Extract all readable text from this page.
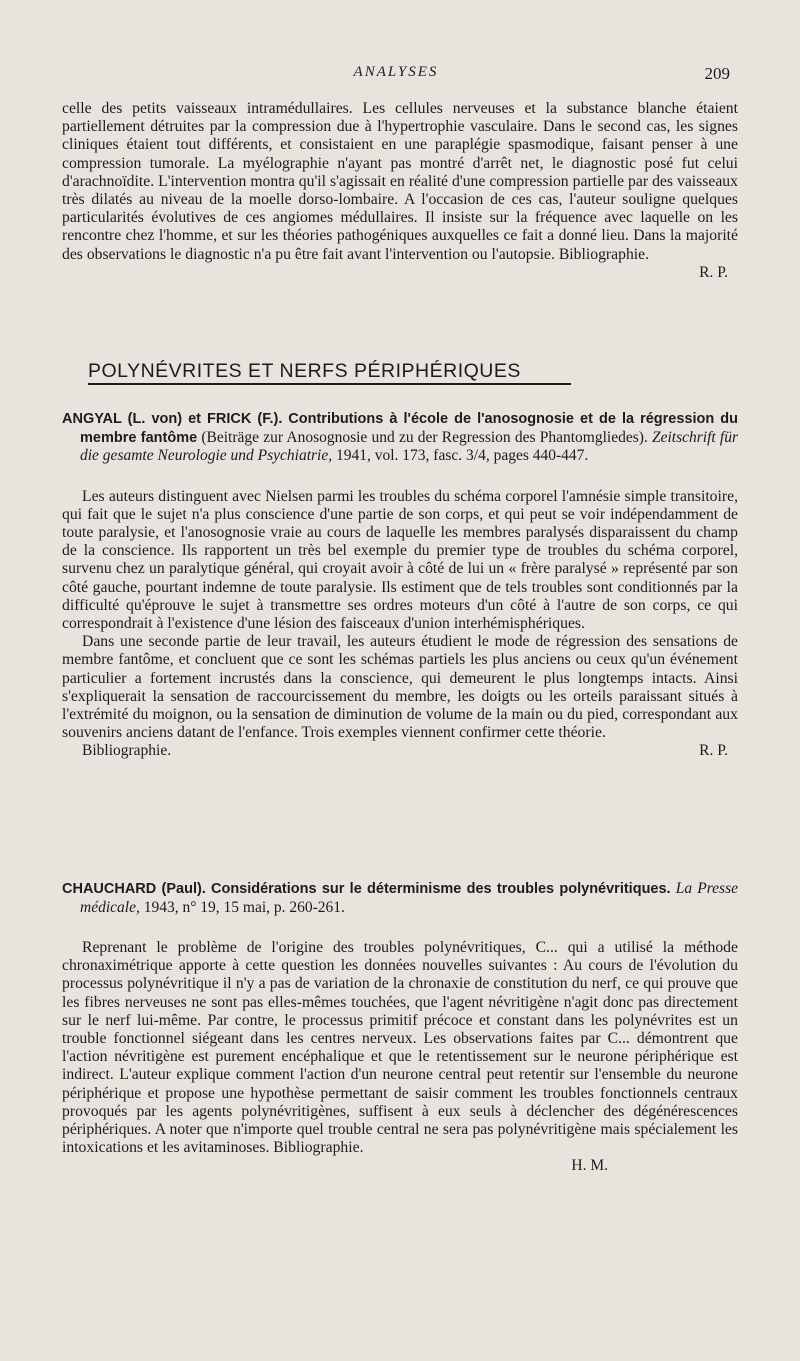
ANALYSES	209

celle des petits vaisseaux intramédullaires. Les cellules nerveuses et la substance blanche étaient partiellement détruites par la compression due à l'hypertrophie vasculaire. Dans le second cas, les signes cliniques étaient tout différents, et consistaient en une paraplégie spasmodique, faisant penser à une compression tumorale. La myélographie n'ayant pas montré d'arrêt net, le diagnostic posé fut celui d'arachnoïdite. L'intervention montra qu'il s'agissait en réalité d'une compression partielle par des vaisseaux très dilatés au niveau de la moelle dorso-lombaire. A l'occasion de ces cas, l'auteur souligne quelques particularités évolutives de ces angiomes médullaires. Il insiste sur la fréquence avec laquelle on les rencontre chez l'homme, et sur les théories pathogéniques auxquelles ce fait a donné lieu. Dans la majorité des observations le diagnostic n'a pu être fait avant l'intervention ou l'autopsie. Bibliographie.

R. P.

POLYNÉVRITES ET NERFS PÉRIPHÉRIQUES

ANGYAL (L. von) et FRICK (F.). Contributions à l'école de l'anosognosie et de la régression du membre fantôme (Beiträge zur Anosognosie und zu der Regression des Phantomgliedes). Zeitschrift für die gesamte Neurologie und Psychiatrie, 1941, vol. 173, fasc. 3/4, pages 440-447.

Les auteurs distinguent avec Nielsen parmi les troubles du schéma corporel l'amnésie simple transitoire, qui fait que le sujet n'a plus conscience d'une partie de son corps, et qui peut se voir indépendamment de toute paralysie, et l'anosognosie vraie au cours de laquelle les membres paralysés disparaissent du champ de la conscience. Ils rapportent un très bel exemple du premier type de troubles du schéma corporel, survenu chez un paralytique général, qui croyait avoir à côté de lui un « frère paralysé » représenté par son côté gauche, pourtant indemne de toute paralysie. Ils estiment que de tels troubles sont conditionnés par la difficulté qu'éprouve le sujet à transmettre ses ordres moteurs d'un côté à l'autre de son corps, ce qui correspondrait à l'existence d'une lésion des faisceaux d'union interhémisphériques.

Dans une seconde partie de leur travail, les auteurs étudient le mode de régression des sensations de membre fantôme, et concluent que ce sont les schémas partiels les plus anciens ou ceux qu'un événement particulier a fortement incrustés dans la conscience, qui demeurent le plus longtemps intacts. Ainsi s'expliquerait la sensation de raccourcissement du membre, les doigts ou les orteils paraissant situés à l'extrémité du moignon, ou la sensation de diminution de volume de la main ou du pied, correspondant aux souvenirs anciens datant de l'enfance. Trois exemples viennent confirmer cette théorie.

Bibliographie.	R. P.

CHAUCHARD (Paul). Considérations sur le déterminisme des troubles polynévritiques. La Presse médicale, 1943, n° 19, 15 mai, p. 260-261.

Reprenant le problème de l'origine des troubles polynévritiques, C... qui a utilisé la méthode chronaximétrique apporte à cette question les données nouvelles suivantes : Au cours de l'évolution du processus polynévritique il n'y a pas de variation de la chronaxie de constitution du nerf, ce qui prouve que les fibres nerveuses ne sont pas elles-mêmes touchées, que l'agent névritigène n'agit donc pas directement sur le nerf lui-même. Par contre, le processus primitif précoce et constant dans les polynévrites est un trouble fonctionnel siégeant dans les centres nerveux. Les observations faites par C... démontrent que l'action névritigène est purement encéphalique et que le retentissement sur le neurone périphérique est indirect. L'auteur explique comment l'action d'un neurone central peut retentir sur l'ensemble du neurone périphérique et propose une hypothèse permettant de saisir comment les troubles fonctionnels centraux provoqués par les agents polynévritigènes, suffisent à eux seuls à déclencher des dégénérescences périphériques. A noter que n'importe quel trouble central ne sera pas polynévritigène mais spécialement les intoxications et les avitaminoses. Bibliographie.

H. M.
